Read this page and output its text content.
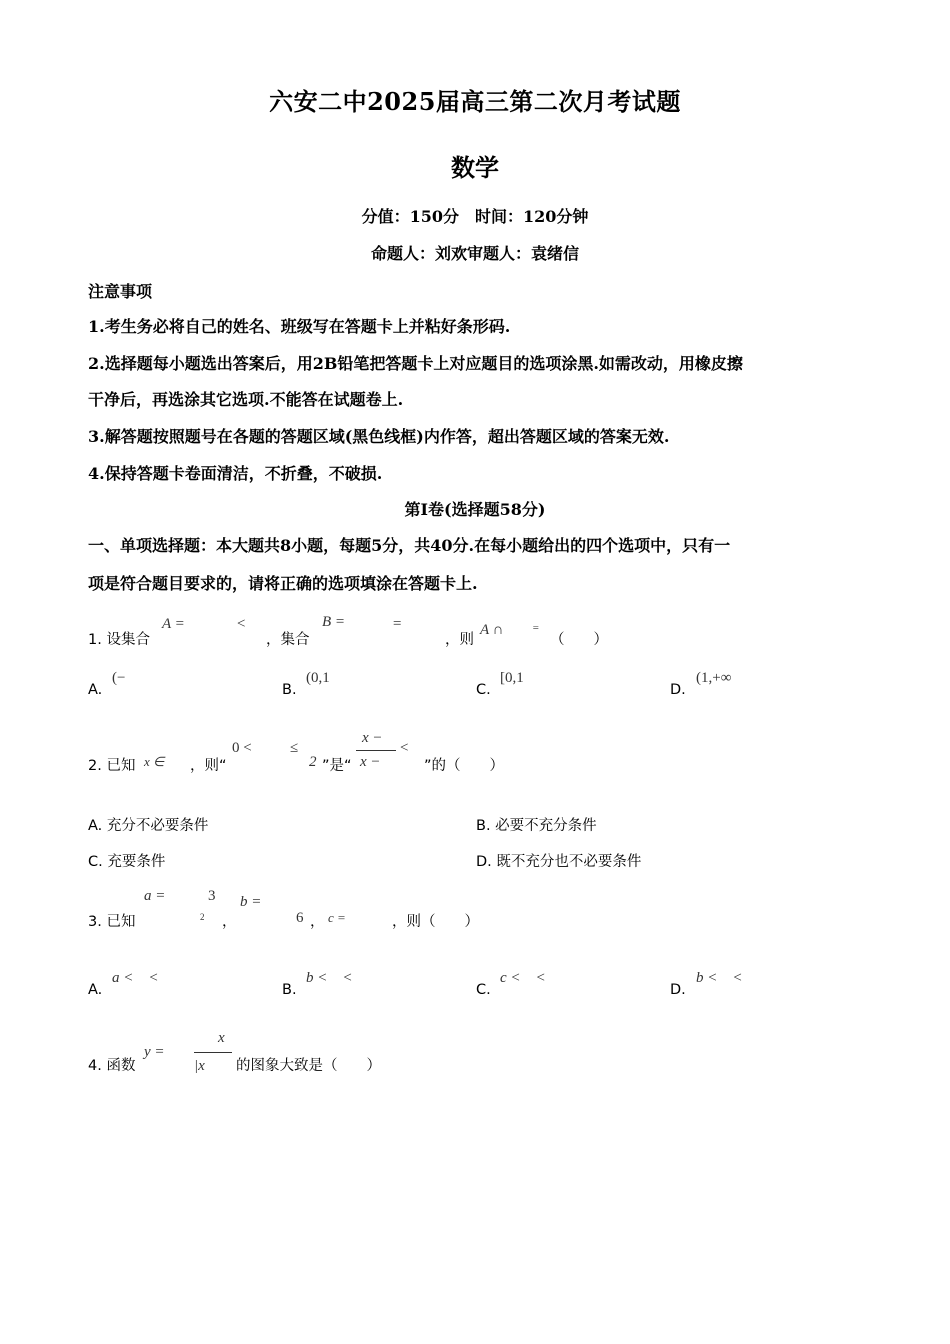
六安二中2025届高三第二次月考试题
数学
分值：150分　时间：120分钟
命题人：刘欢审题人：袁绪信
注意事项
1.考生务必将自己的姓名、班级写在答题卡上并粘好条形码.
2.选择题每小题选出答案后，用2B铅笔把答题卡上对应题目的选项涂黑.如需改动，用橡皮擦
干净后，再选涂其它选项.不能答在试题卷上.
3.解答题按照题号在各题的答题区域(黑色线框)内作答，超出答题区域的答案无效.
4.保持答题卡卷面清洁，不折叠，不破损.
第Ⅰ卷(选择题58分)
一、单项选择题：本大题共8小题，每题5分，共40分.在每小题给出的四个选项中，只有一
项是符合题目要求的，请将正确的选项填涂在答题卡上.
1. 设集合
A =	<
，集合
B =	=
，则
A ∩	=
（　　）
A.
(−
B.
(0,1
C.
[0,1
D.
(1,+∞
2. 已知 x ∈ ，则“
0 <	≤
2 ”是“
x −
x −
<
”的（　　）
A. 充分不必要条件	B. 必要不充分条件
C. 充要条件	D. 既不充分也不必要条件
3. 已知
a =	3
2 ，
b =
6 ， c =	，则（　　）
A.
a <　<
B.
b <　<
C.
c <　<
D.
b <　<
4. 函数
y =
x
|x 的图象大致是（　　）
